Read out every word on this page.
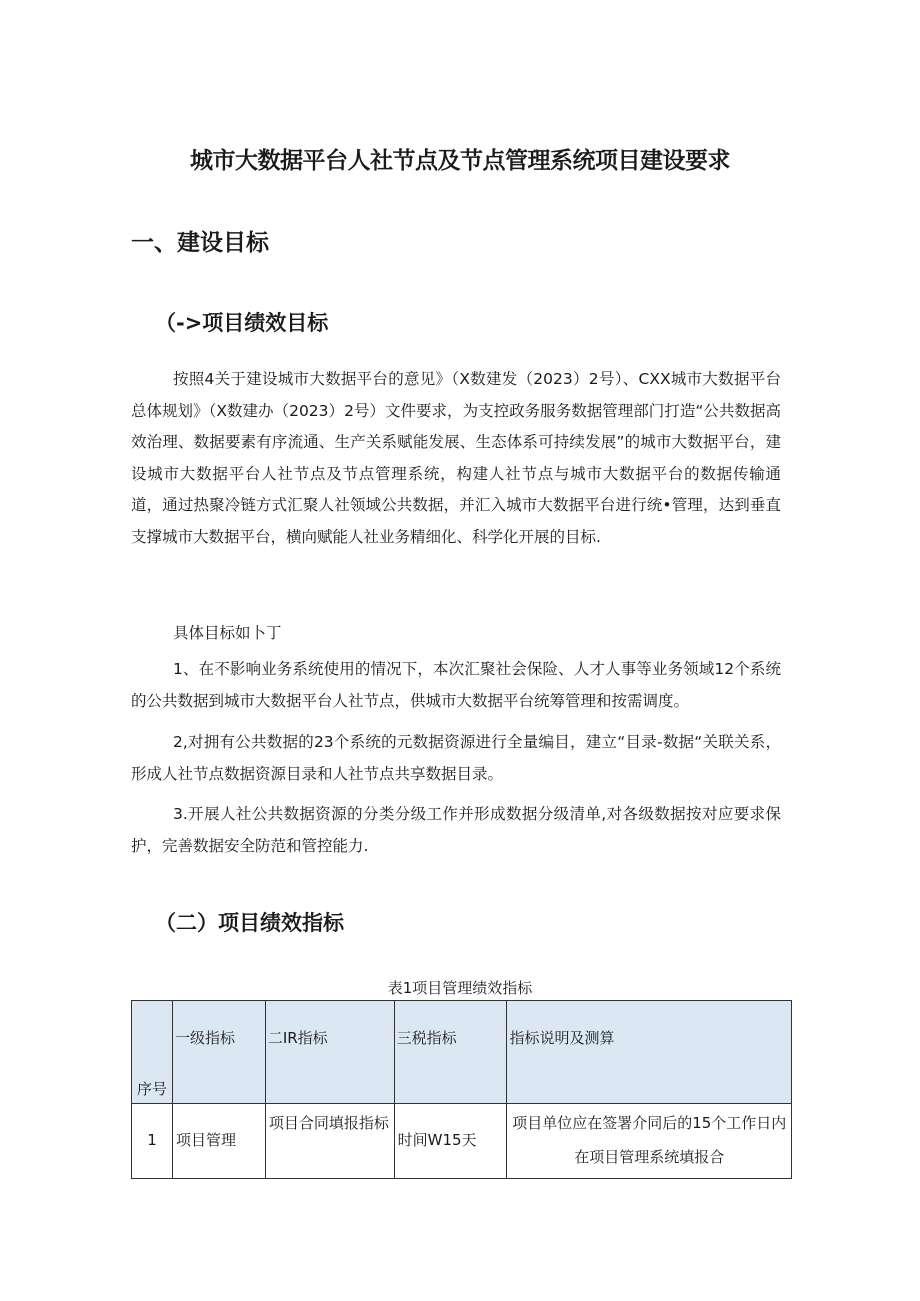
城市大数据平台人社节点及节点管理系统项目建设要求
一、建设目标
（->项目绩效目标

按照4关于建设城市大数据平台的意见》（X数建发（2023）2号）、CXX城市大数据平台总体规划》（X数建办（2023）2号）文件要求，为支控政务服务数据管理部门打造“公共数据高效治理、数据要素有序流通、生产关系赋能发展、生态体系可持续发展”的城市大数据平台，建设城市大数据平台人社节点及节点管理系统，构建人社节点与城市大数据平台的数据传输通道，通过热聚冷链方式汇聚人社领域公共数据，并汇入城市大数据平台进行统•管理，达到垂直支撑城市大数据平台，横向赋能人社业务精细化、科学化开展的目标.

具体目标如卜丁

1、在不影响业务系统使用的情况下，本次汇聚社会保险、人才人事等业务领域12个系统的公共数据到城市大数据平台人社节点，供城市大数据平台统筹管理和按需调度。

2,对拥有公共数据的23个系统的元数据资源进行全量编目，建立“目录-数据“关联关系，形成人社节点数据资源目录和人社节点共享数据目录。

3.开展人社公共数据资源的分类分级工作并形成数据分级清单,对各级数据按对应要求保护，完善数据安全防范和管控能力.

（二）项目绩效指标

表1项目管理绩效指标

序号	一级指标	二IR指标	三税指标	指标说明及测算
1	项目管理	项目合同填报指标	时间W15天	项目单位应在签署介同后的15个工作日内在项目管理系统填报合
